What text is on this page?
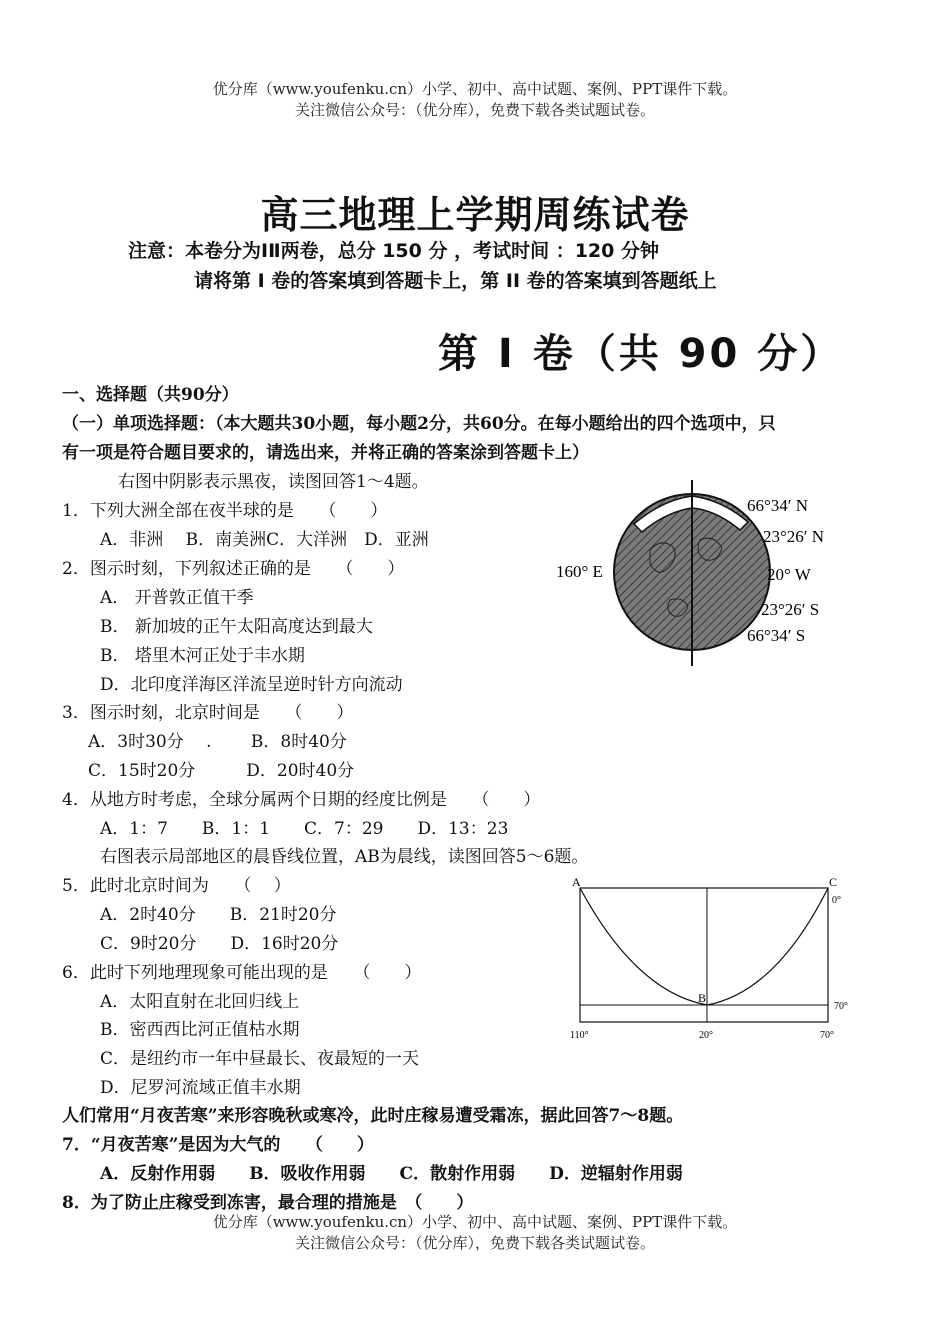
优分库（www.youfenku.cn）小学、初中、高中试题、案例、PPT课件下载。
关注微信公众号：（优分库），免费下载各类试题试卷。
高三地理上学期周练试卷
注意：本卷分为ⅠⅡ两卷，总分 150 分 ，考试时间 ：120 分钟
请将第 Ⅰ 卷的答案填到答题卡上，第 II 卷的答案填到答题纸上
第 Ⅰ 卷（共 90 分）
一、选择题（共90分）
（一）单项选择题：（本大题共30小题，每小题2分，共60分。在每小题给出的四个选项中，只
有一项是符合题目要求的，请选出来，并将正确的答案涂到答题卡上）
右图中阴影表示黑夜，读图回答1～4题。
1．下列大洲全部在夜半球的是　　（　　）
A．非洲　 B．南美洲C．大洋洲　D．亚洲
2．图示时刻，下列叙述正确的是　　（　　）
A． 开普敦正值干季
B． 新加坡的正午太阳高度达到最大
B． 塔里木河正处于丰水期
D．北印度洋海区洋流呈逆时针方向流动
3．图示时刻，北京时间是　　（　　）
A．3时30分　 .　　 B．8时40分
C．15时20分　　　D．20时40分
4．从地方时考虑，全球分属两个日期的经度比例是　　（　　）
A．1：7　　B．1：1　　C．7：29　　D．13：23
右图表示局部地区的晨昏线位置，AB为晨线，读图回答5～6题。
5．此时北京时间为　　（　 ）
A．2时40分　　B．21时20分
C．9时20分　　D．16时20分
6．此时下列地理现象可能出现的是　　（　　）
A．太阳直射在北回归线上
B．密西西比河正值枯水期
C．是纽约市一年中昼最长、夜最短的一天
D．尼罗河流域正值丰水期
人们常用“月夜苦寒”来形容晚秋或寒冷，此时庄稼易遭受霜冻，据此回答7～8题。
7．“月夜苦寒”是因为大气的　　（　　）
A．反射作用弱　　B．吸收作用弱　　C．散射作用弱　　D．逆辐射作用弱
8．为了防止庄稼受到冻害，最合理的措施是　（　　）
优分库（www.youfenku.cn）小学、初中、高中试题、案例、PPT课件下载。
关注微信公众号：（优分库），免费下载各类试题试卷。
66°34′ N
23°26′ N
160° E	20° W
23°26′ S
66°34′ S
A
B
C
0°
70°
110°	20°	70°
